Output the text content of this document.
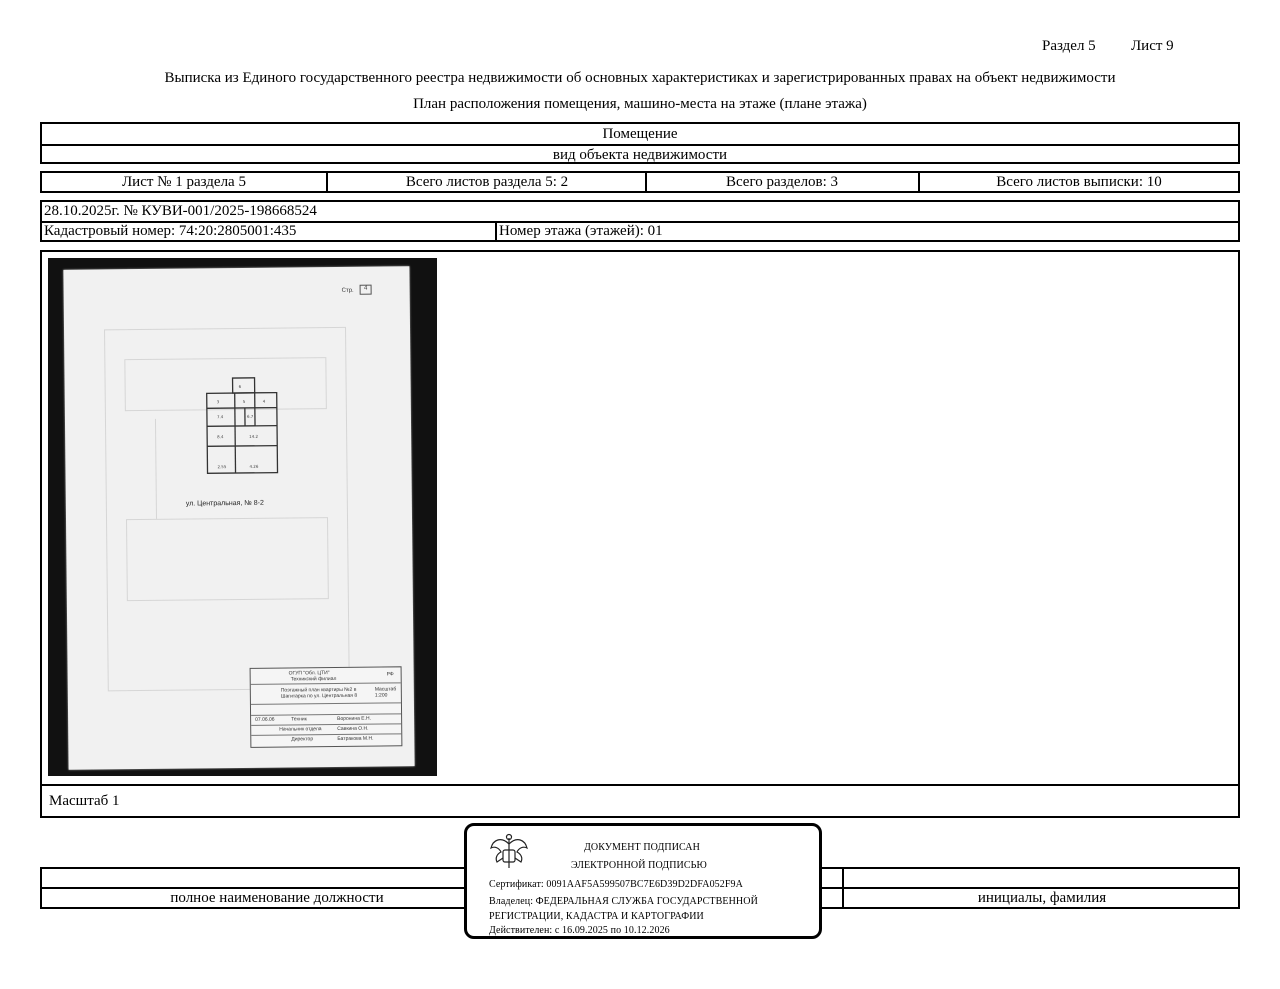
Раздел 5 Лист 9
Выписка из Единого государственного реестра недвижимости об основных характеристиках и зарегистрированных правах на объект недвижимости
План расположения помещения, машино-места на этаже (плане этажа)
Помещение
вид объекта недвижимости
Лист № 1 раздела 5	Всего листов раздела 5: 2	Всего разделов: 3	Всего листов выписки: 10
28.10.2025г. № КУВИ-001/2025-198668524
Кадастровый номер: 74:20:2805001:435	Номер этажа (этажей): 01
Масштаб 1
Стр.	4
6
3	5	4
7.4	6.7
8.4	14.2
2.55	4.26
ул. Центральная, № 8-2
ОГУП "Обл. ЦТИ"
Техникский филиал
РФ
Поэтажный план квартиры №2 в Шагитарка по ул. Центральная 8
Масштаб 1:200
07.06.06	Техник	Воронина Е.Н.
Начальник отдела	Савкина О.Н.
Директор	Батракова М.Н.
полное наименование должности	инициалы, фамилия
ДОКУМЕНТ ПОДПИСАН
ЭЛЕКТРОННОЙ ПОДПИСЬЮ
Сертификат: 0091AAF5A599507BC7E6D39D2DFA052F9A
Владелец: ФЕДЕРАЛЬНАЯ СЛУЖБА ГОСУДАРСТВЕННОЙ
РЕГИСТРАЦИИ, КАДАСТРА И КАРТОГРАФИИ
Действителен: с 16.09.2025 по 10.12.2026
